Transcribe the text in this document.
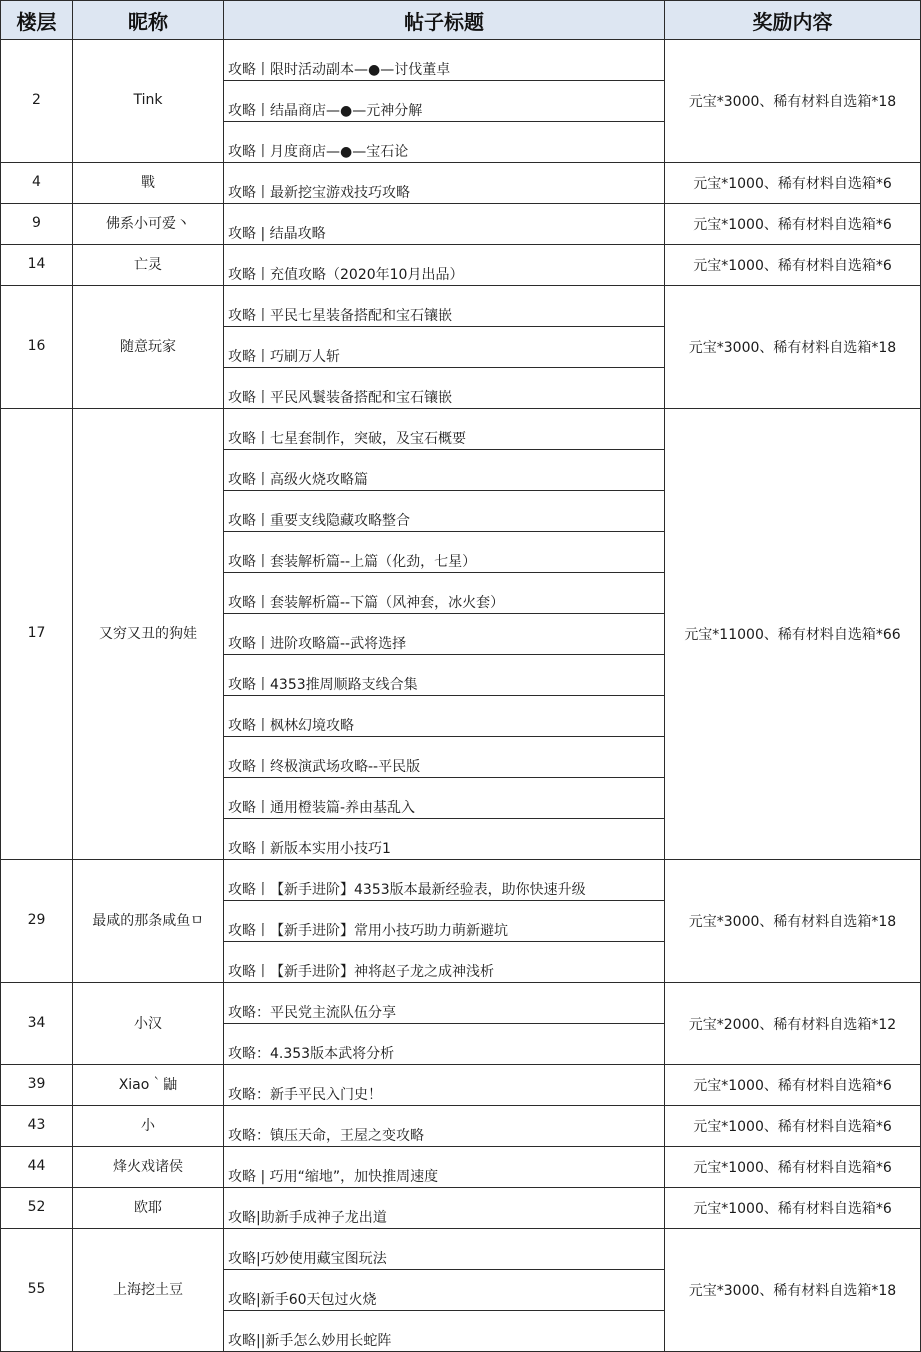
楼层	昵称	帖子标题	奖励内容
2	Tink	攻略丨限时活动副本—●—讨伐董卓	元宝*3000、稀有材料自选箱*18
		攻略丨结晶商店—●—元神分解	
		攻略丨月度商店—●—宝石论	
4	戰	攻略丨最新挖宝游戏技巧攻略	元宝*1000、稀有材料自选箱*6
9	佛系小可爱丶	攻略 | 结晶攻略	元宝*1000、稀有材料自选箱*6
14	亡灵	攻略丨充值攻略（2020年10月出品）	元宝*1000、稀有材料自选箱*6
16	随意玩家	攻略丨平民七星装备搭配和宝石镶嵌	元宝*3000、稀有材料自选箱*18
		攻略丨巧刷万人斩	
		攻略丨平民风鬟装备搭配和宝石镶嵌	
17	又穷又丑的狗娃	攻略丨七星套制作，突破，及宝石概要	元宝*11000、稀有材料自选箱*66
		攻略丨高级火烧攻略篇	
		攻略丨重要支线隐藏攻略整合	
		攻略丨套装解析篇--上篇（化劲，七星）	
		攻略丨套装解析篇--下篇（风神套，冰火套）	
		攻略丨进阶攻略篇--武将选择	
		攻略丨4353推周顺路支线合集	
		攻略丨枫林幻境攻略	
		攻略丨终极演武场攻略--平民版	
		攻略丨通用橙装篇-养由基乱入	
		攻略丨新版本实用小技巧1	
29	最咸的那条咸鱼ㅁ	攻略丨【新手进阶】4353版本最新经验表，助你快速升级	元宝*3000、稀有材料自选箱*18
		攻略丨【新手进阶】常用小技巧助力萌新避坑	
		攻略丨【新手进阶】神将赵子龙之成神浅析	
34	小汉	攻略：平民党主流队伍分享	元宝*2000、稀有材料自选箱*12
		攻略：4.353版本武将分析	
39	Xiao｀鼬	攻略：新手平民入门史！	元宝*1000、稀有材料自选箱*6
43	小	攻略：镇压天命，王屋之变攻略	元宝*1000、稀有材料自选箱*6
44	烽火戏诸侯	攻略 | 巧用“缩地”，加快推周速度	元宝*1000、稀有材料自选箱*6
52	欧耶	攻略|助新手成神子龙出道	元宝*1000、稀有材料自选箱*6
55	上海挖土豆	攻略|巧妙使用藏宝图玩法	元宝*3000、稀有材料自选箱*18
		攻略|新手60天包过火烧	
		攻略||新手怎么妙用长蛇阵	
